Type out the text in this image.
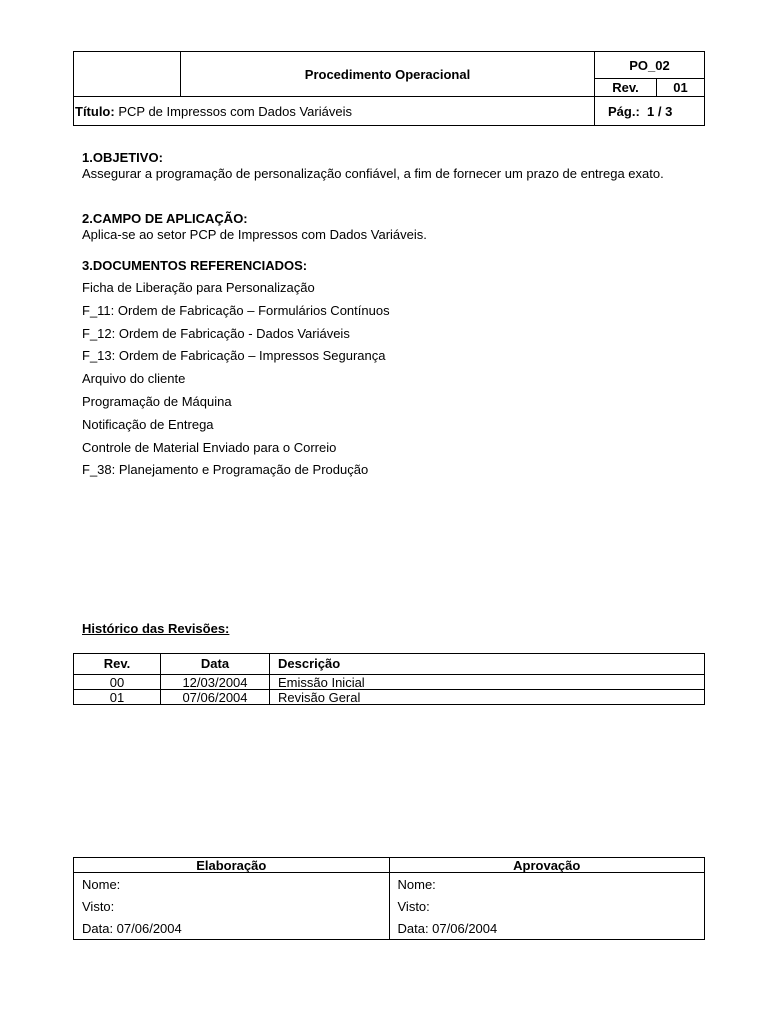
	Procedimento Operacional	PO_02	
		Rev.	01
Título: PCP de Impressos com Dados Variáveis		Pág.: 1 / 3	
1.OBJETIVO:
Assegurar a programação de personalização confiável, a fim de fornecer um prazo de entrega exato.
2.CAMPO DE APLICAÇÃO:
Aplica-se ao setor PCP de Impressos com Dados Variáveis.
3.DOCUMENTOS REFERENCIADOS:
Ficha de Liberação para Personalização
F_11: Ordem de Fabricação – Formulários Contínuos
F_12: Ordem de Fabricação - Dados Variáveis
F_13: Ordem de Fabricação – Impressos Segurança
Arquivo do cliente
Programação de Máquina
Notificação de Entrega
Controle de Material Enviado para o Correio
F_38: Planejamento e Programação de Produção
Histórico das Revisões:
Rev.	Data	Descrição
00	12/03/2004	Emissão Inicial
01	07/06/2004	Revisão Geral
Elaboração	Aprovação
Nome:	Nome:
Visto:	Visto:
Data: 07/06/2004	Data: 07/06/2004
